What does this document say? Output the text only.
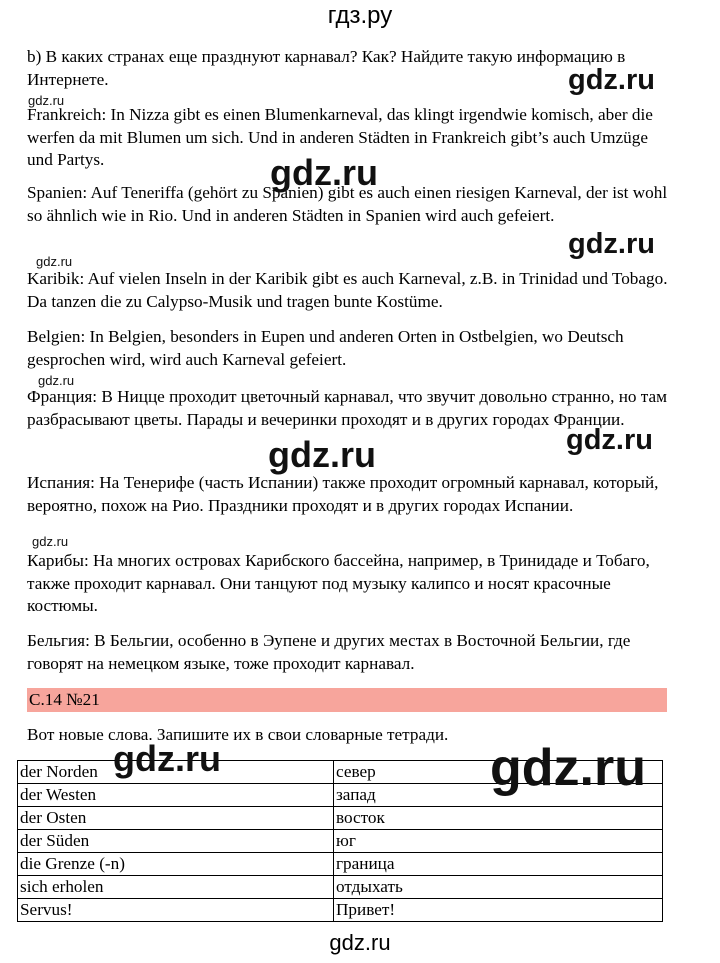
гдз.ру

b) В каких странах еще празднуют карнавал? Как? Найдите такую информацию в Интернете.

Frankreich: In Nizza gibt es einen Blumenkarneval, das klingt irgendwie komisch, aber die werfen da mit Blumen um sich. Und in anderen Städten in Frankreich gibt’s auch Umzüge und Partys.

Spanien: Auf Teneriffa (gehört zu Spanien) gibt es auch einen riesigen Karneval, der ist wohl so ähnlich wie in Rio. Und in anderen Städten in Spanien wird auch gefeiert.

Karibik: Auf vielen Inseln in der Karibik gibt es auch Karneval, z.B. in Trinidad und Tobago. Da tanzen die zu Calypso-Musik und tragen bunte Kostüme.

Belgien: In Belgien, besonders in Eupen und anderen Orten in Ostbelgien, wo Deutsch gesprochen wird, wird auch Karneval gefeiert.

Франция: В Ницце проходит цветочный карнавал, что звучит довольно странно, но там разбрасывают цветы. Парады и вечеринки проходят и в других городах Франции.

Испания: На Тенерифе (часть Испании) также проходит огромный карнавал, который, вероятно, похож на Рио. Праздники проходят и в других городах Испании.

Карибы: На многих островах Карибского бассейна, например, в Тринидаде и Тобаго, также проходит карнавал. Они танцуют под музыку калипсо и носят красочные костюмы.

Бельгия: В Бельгии, особенно в Эупене и других местах в Восточной Бельгии, где говорят на немецком языке, тоже проходит карнавал.

С.14 №21

Вот новые слова. Запишите их в свои словарные тетради.

der Norden	север
der Westen	запад
der Osten	восток
der Süden	юг
die Grenze (-n)	граница
sich erholen	отдыхать
Servus!	Привет!
gdz.ru
gdz.ru
gdz.ru
gdz.ru
gdz.ru
gdz.ru
gdz.ru
gdz.ru
gdz.ru
gdz.ru	gdz.ru
gdz.ru
